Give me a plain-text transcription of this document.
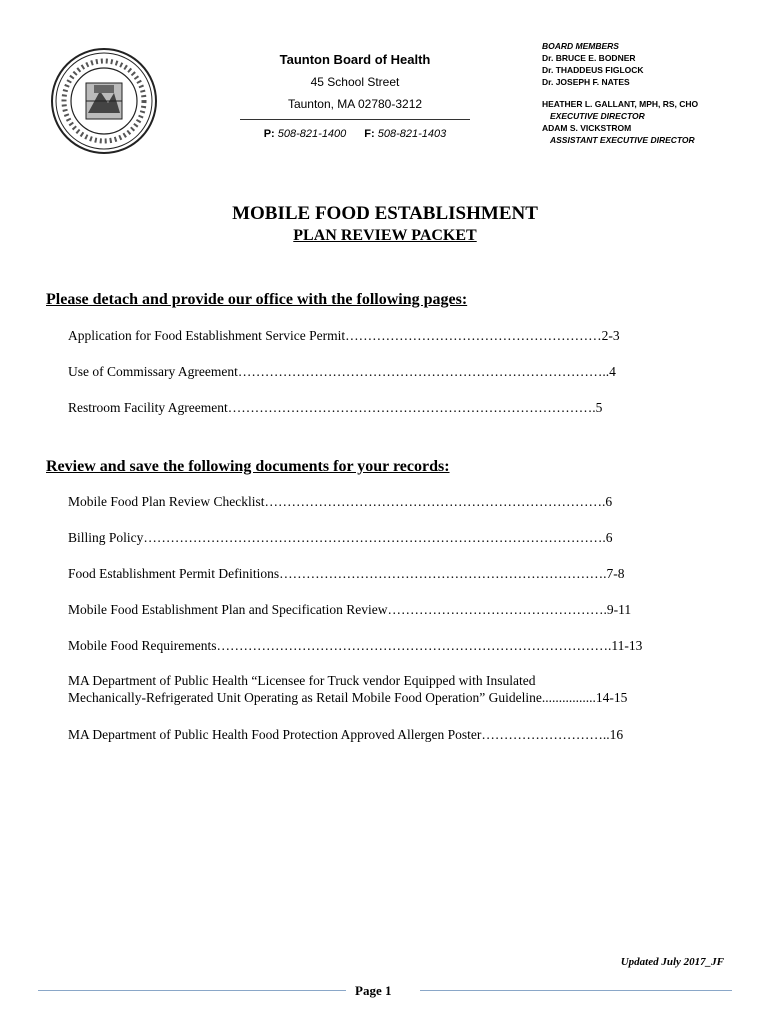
Taunton Board of Health
45 School Street
Taunton, MA 02780-3212
P: 508-821-1400 F: 508-821-1403
BOARD MEMBERS
Dr. BRUCE E. BODNER
Dr. THADDEUS FIGLOCK
Dr. JOSEPH F. NATES
HEATHER L. GALLANT, MPH, RS, CHO
EXECUTIVE DIRECTOR
ADAM S. VICKSTROM
ASSISTANT EXECUTIVE DIRECTOR
MOBILE FOOD ESTABLISHMENT
PLAN REVIEW PACKET
Please detach and provide our office with the following pages:
Application for Food Establishment Service Permit…………………………………………………2-3
Use of Commissary Agreement………………………………………………………………………..4
Restroom Facility Agreement……………………………………………………………………….5
Review and save the following documents for your records:
Mobile Food Plan Review Checklist………………………………………………………………….6
Billing Policy………………………………………………………………………………………….6
Food Establishment Permit Definitions……………………………………………………………….7-8
Mobile Food Establishment Plan and Specification Review………………………………………….9-11
Mobile Food Requirements…………………………………………………………………………….11-13
MA Department of Public Health “Licensee for Truck vendor Equipped with Insulated
Mechanically-Refrigerated Unit Operating as Retail Mobile Food Operation” Guideline................14-15
MA Department of Public Health Food Protection Approved Allergen Poster………………………..16
Updated July 2017_JF
Page 1
